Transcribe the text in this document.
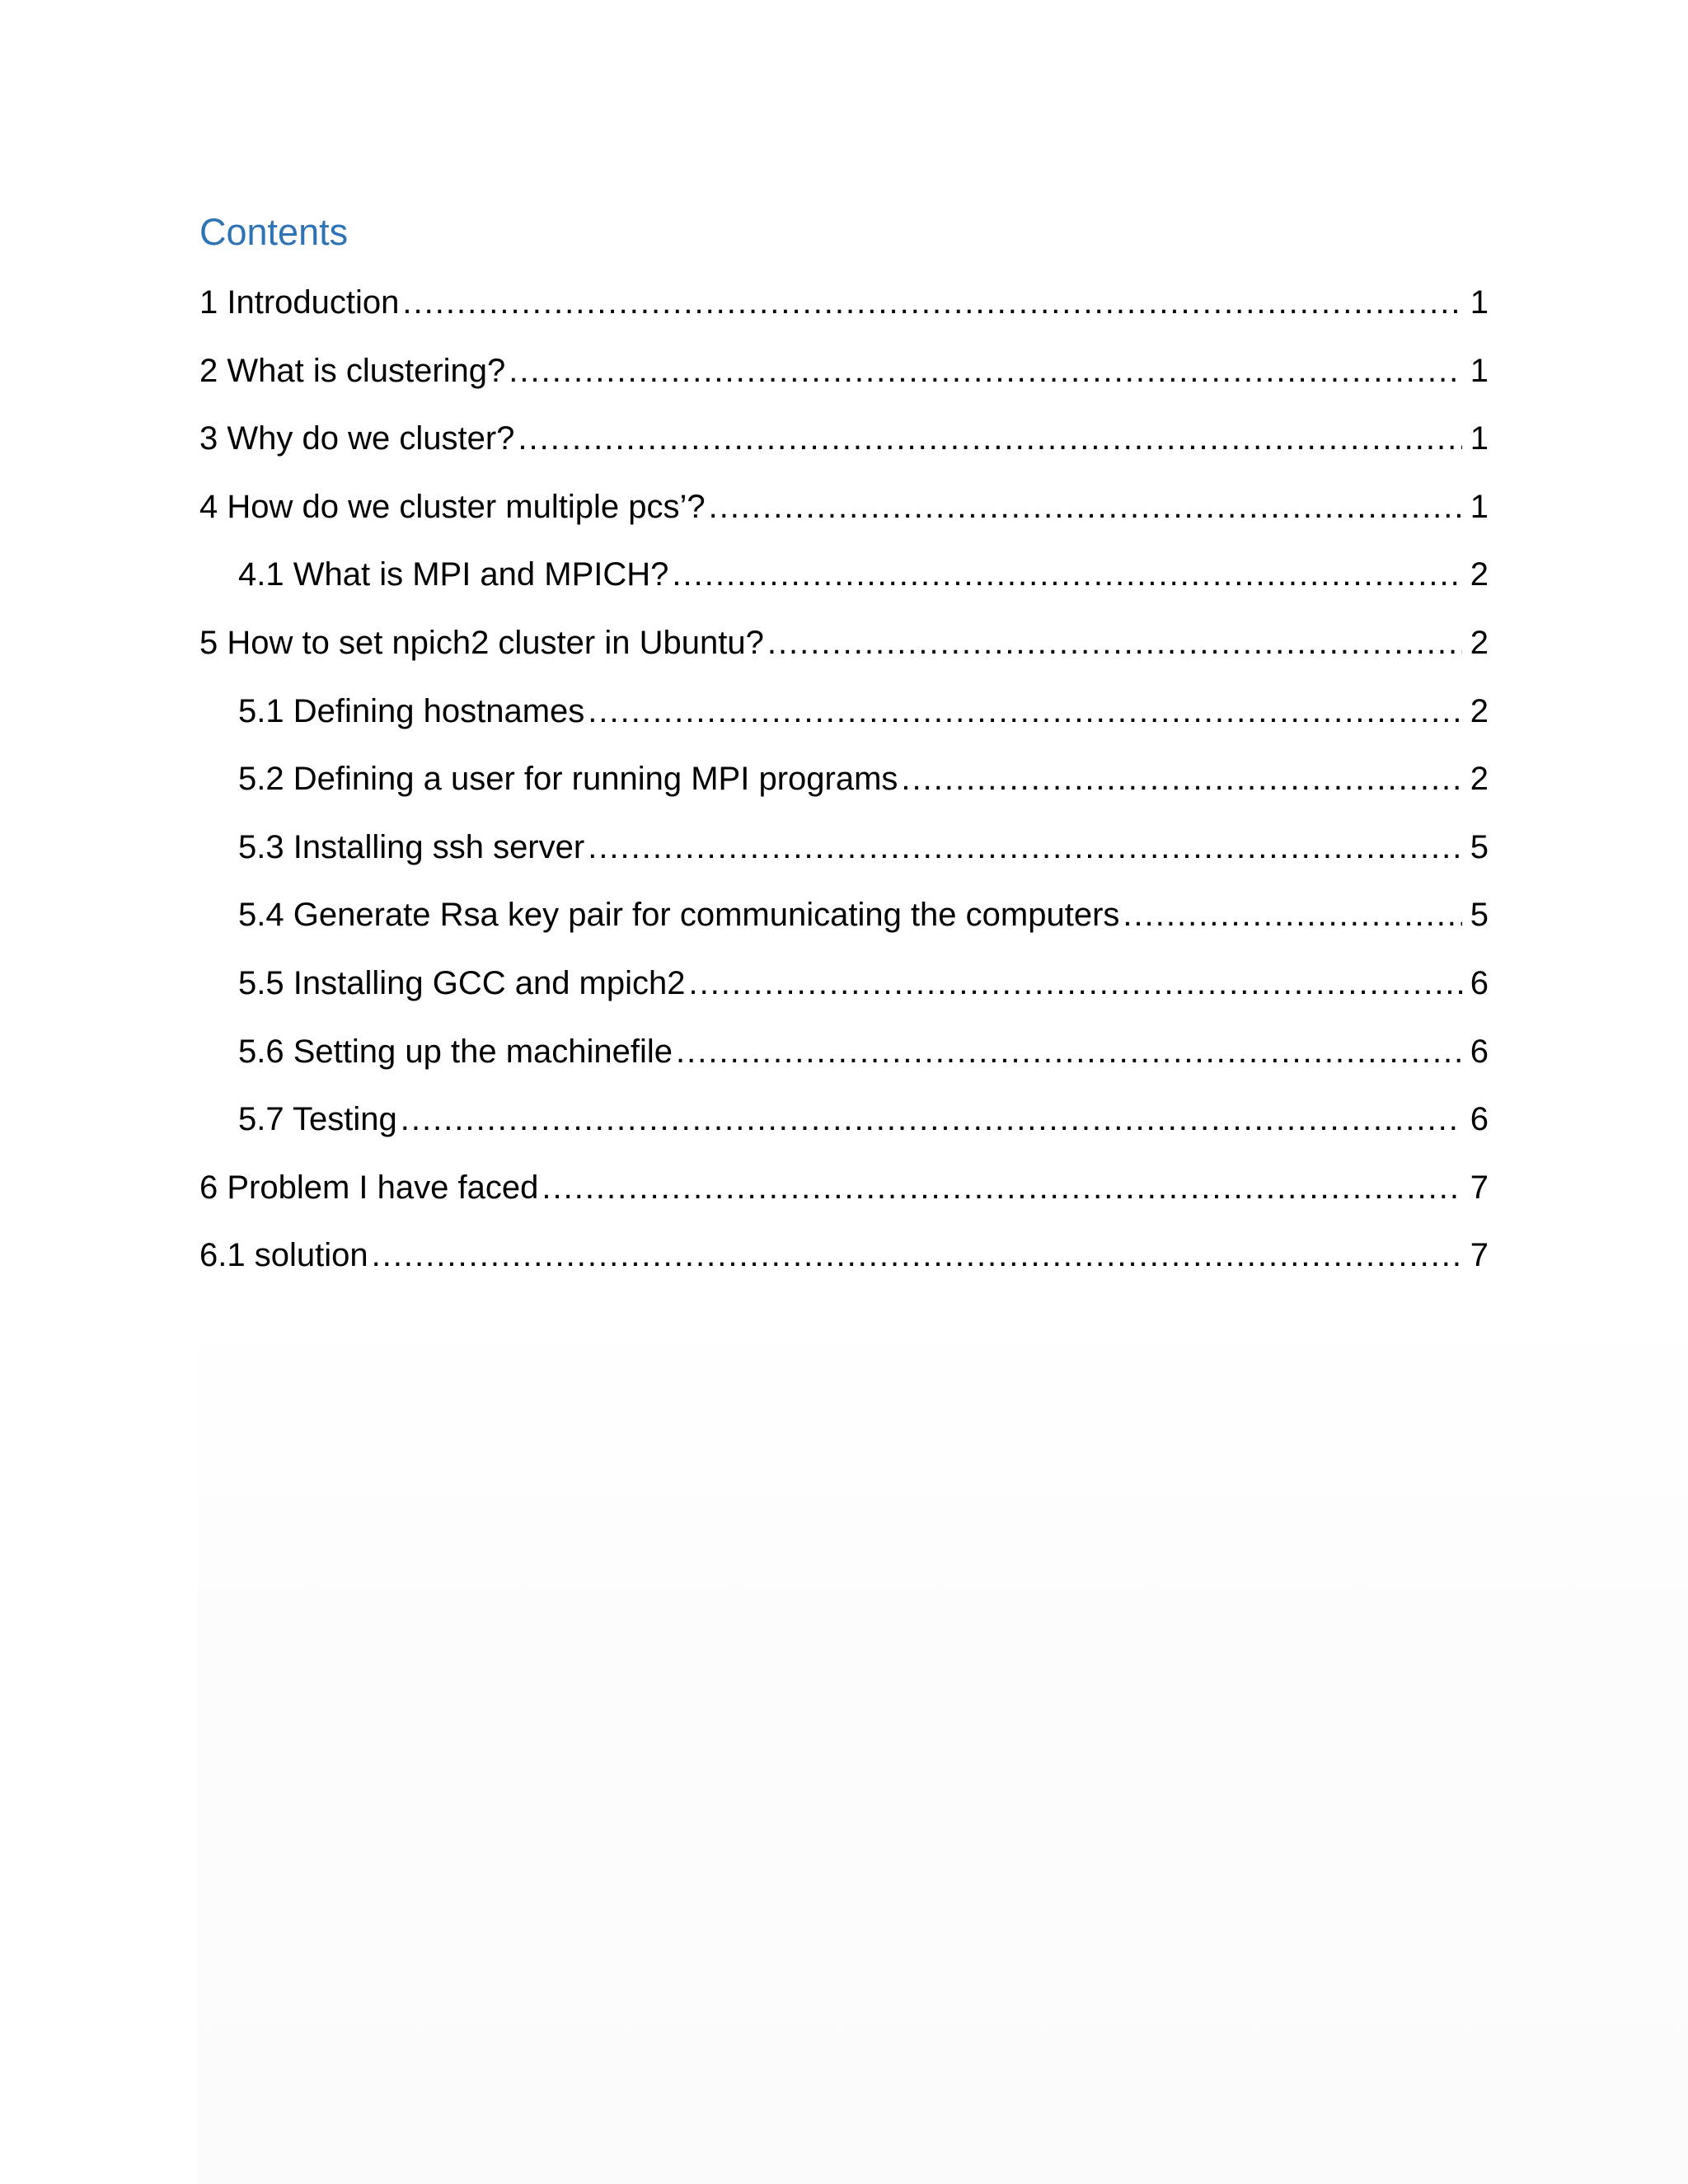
Contents
1 Introduction .....	1
2 What is clustering? .....	1
3 Why do we cluster? .....	1
4 How do we cluster multiple pcs’? .....	1
4.1 What is MPI and MPICH? .....	2
5 How to set npich2 cluster in Ubuntu? .....	2
5.1 Defining hostnames .....	2
5.2 Defining a user for running MPI programs .....	2
5.3 Installing ssh server .....	5
5.4 Generate Rsa key pair for communicating the computers .....	5
5.5 Installing GCC and mpich2 .....	6
5.6 Setting up the machinefile .....	6
5.7 Testing .....	6
6 Problem I have faced .....	7
6.1 solution .....	7
